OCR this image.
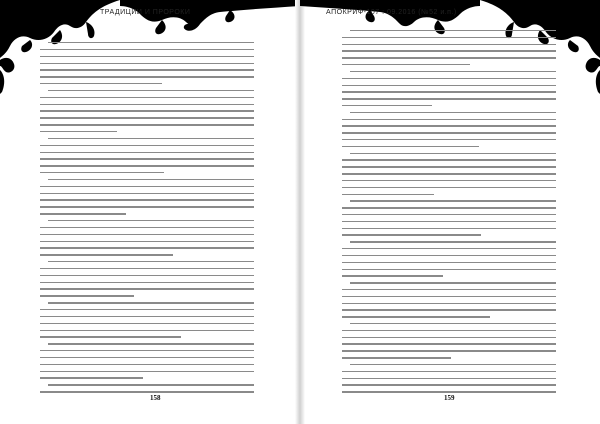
ТРАДИЦИИ И ПРОРОКИ
158
АПОКРИФ-107 : 09.2016 (№52 и.п.)
159
